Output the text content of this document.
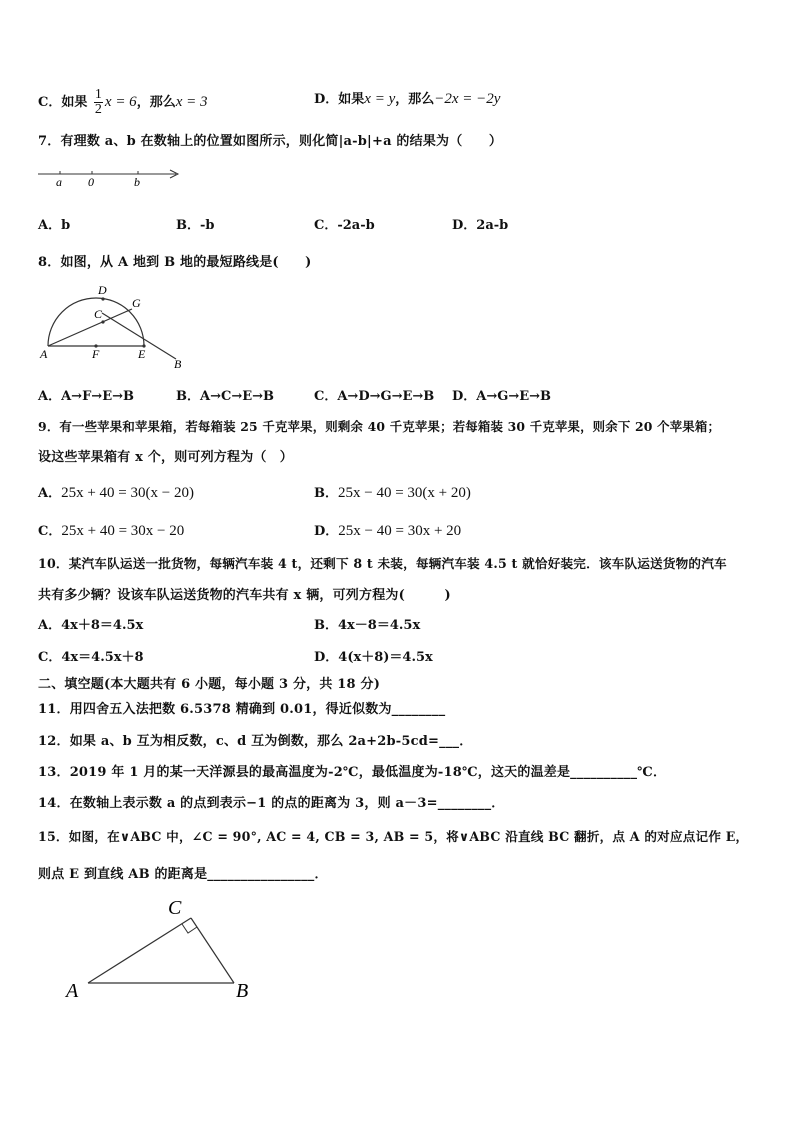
C．如果 $\frac{1}{2}$ x = 6，那么x = 3	D．如果x = y，那么−2x = −2y
7．有理数 a、b 在数轴上的位置如图所示，则化简|a-b|+a 的结果为（　　）
a 0	b
A．b	B．-b	C．-2a-b	D．2a-b
8．如图，从 A 地到 B 地的最短路线是(　　)
D
G
C
A	F	E
B
A．A→F→E→B	B．A→C→E→B	C．A→D→G→E→B D．A→G→E→B
9．有一些苹果和苹果箱，若每箱装 25 千克苹果，则剩余 40 千克苹果；若每箱装 30 千克苹果，则余下 20 个苹果箱；
设这些苹果箱有 x 个，则可列方程为（　）
A．25x + 40 = 30(x − 20)	B．25x − 40 = 30(x + 20)
C．25x + 40 = 30x − 20	D．25x − 40 = 30x + 20
10．某汽车队运送一批货物，每辆汽车装 4 t，还剩下 8 t 未装，每辆汽车装 4.5 t 就恰好装完．该车队运送货物的汽车
共有多少辆？设该车队运送货物的汽车共有 x 辆，可列方程为(　　　)
A．4x＋8＝4.5x	B．4x－8＝4.5x
C．4x＝4.5x＋8	D．4(x＋8)＝4.5x
二、填空题(本大题共有 6 小题，每小题 3 分，共 18 分)
11．用四舍五入法把数 6.5378 精确到 0.01，得近似数为________
12．如果 a、b 互为相反数，c、d 互为倒数，那么 2a+2b-5cd=___．
13．2019 年 1 月的某一天洋源县的最高温度为-2℃，最低温度为-18℃，这天的温差是__________℃．
14．在数轴上表示数 a 的点到表示−1 的点的距离为 3，则 a－3=________．
15．如图，在∨ABC 中，∠C = 90°, AC = 4, CB = 3, AB = 5，将∨ABC 沿直线 BC 翻折，点 A 的对应点记作 E，
则点 E 到直线 AB 的距离是________________．
C
A	B
